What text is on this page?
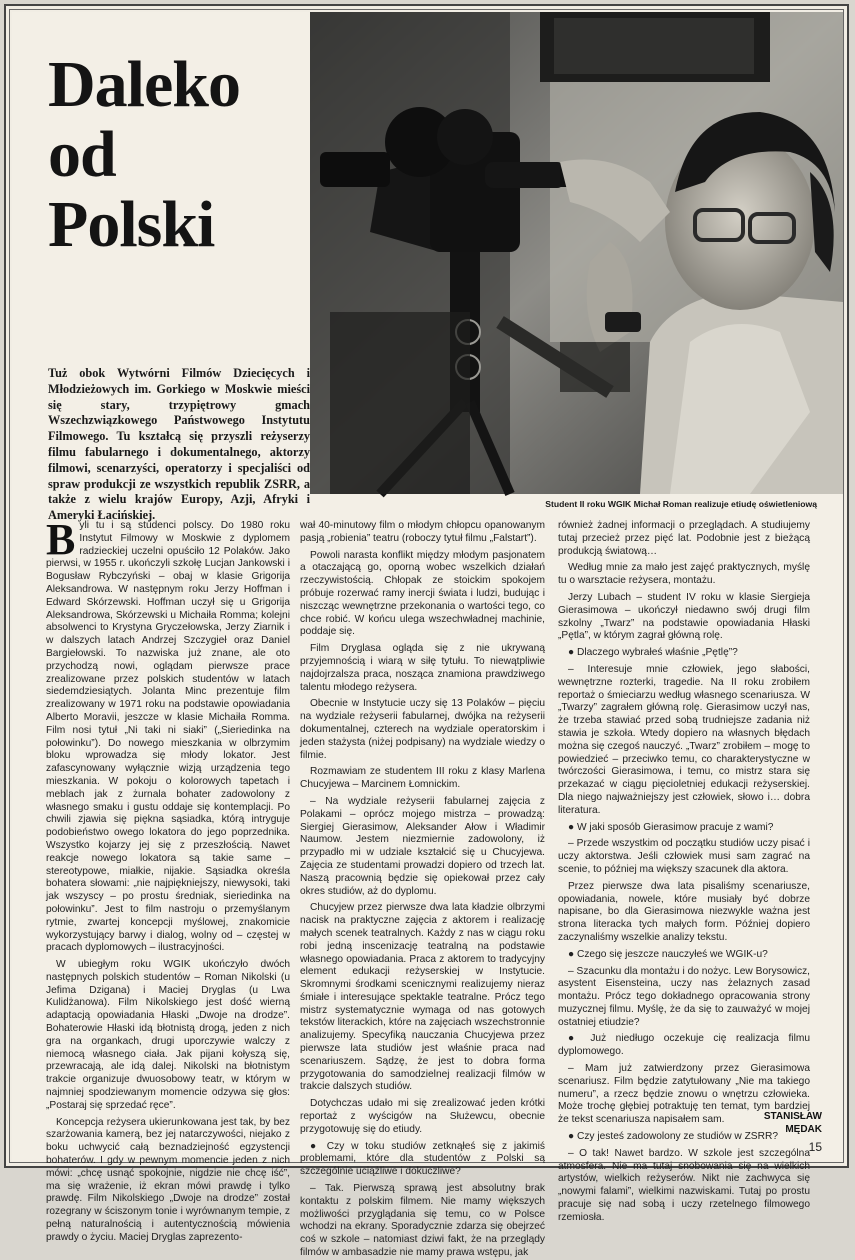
Daleko
od
Polski
Tuż obok Wytwórni Filmów Dziecięcych i Młodzieżowych im. Gorkiego w Moskwie mieści się stary, trzypiętrowy gmach Wszechzwiązkowego Państwowego Instytutu Filmowego. Tu kształcą się przyszli reżyserzy filmu fabularnego i dokumentalnego, aktorzy filmowi, scenarzyści, operatorzy i specjaliści od spraw produkcji ze wszystkich republik ZSRR, a także z wielu krajów Europy, Azji, Afryki i Ameryki Łacińskiej.
Student II roku WGIK Michał Roman realizuje etiudę oświetleniową

Byli tu i są studenci polscy. Do 1980 roku Instytut Filmowy w Moskwie z dyplomem radzieckiej uczelni opuściło 12 Polaków. Jako pierwsi, w 1955 r. ukończyli szkołę Lucjan Jankowski i Bogusław Rybczyński – obaj w klasie Grigorija Aleksandrowa. W następnym roku Jerzy Hoffman i Edward Skórzewski. Hoffman uczył się u Grigorija Aleksandrowa, Skórzewski u Michaiła Romma; kolejni absolwenci to Krystyna Gryczełowska, Jerzy Ziarnik i w dalszych latach Andrzej Szczygieł oraz Daniel Bargiełowski. To nazwiska już znane, ale oto przychodzą nowi, oglądam pierwsze prace zrealizowane przez polskich studentów w latach siedemdziesiątych. Jolanta Minc prezentuje film zrealizowany w 1971 roku na podstawie opowiadania Alberto Moravii, jeszcze w klasie Michaiła Romma. Film nosi tytuł „Ni taki ni siaki” („Sieriedinka na połowinku”). Do nowego mieszkania w olbrzymim bloku wprowadza się młody lokator. Jest zafascynowany wyłącznie wizją urządzenia tego mieszkania. W pokoju o kolorowych tapetach i meblach jak z żurnala bohater zadowolony z własnego smaku i gustu oddaje się kontemplacji. Po chwili zjawia się piękna sąsiadka, którą intryguje podobieństwo owego lokatora do jego poprzednika. Wszystko kojarzy jej się z przeszłością. Nawet reakcje nowego lokatora są takie same – stereotypowe, miałkie, nijakie. Sąsiadka określa bohatera słowami: „nie najpiękniejszy, niewysoki, taki jak wszyscy – po prostu średniak, sieriedinka na połowinku”. Jest to film nastroju o przemyślanym rytmie, zwartej koncepcji myślowej, znakomicie wykorzystujący barwy i dialog, wolny od – częstej w pracach dyplomowych – ilustracyjności.

W ubiegłym roku WGIK ukończyło dwóch następnych polskich studentów – Roman Nikolski (u Jefima Dzigana) i Maciej Dryglas (u Lwa Kulidżanowa). Film Nikolskiego jest dość wierną adaptacją opowiadania Hłaski „Dwoje na drodze”. Bohaterowie Hłaski idą błotnistą drogą, jeden z nich gra na organkach, drugi uporczywie walczy z niemocą własnego ciała. Jak pijani kołyszą się, przewracają, ale idą dalej. Nikolski na błotnistym trakcie organizuje dwuosobowy teatr, w którym w najmniej spodziewanym momencie odzywa się głos: „Postaraj się sprzedać ręce”.

Koncepcja reżysera ukierunkowana jest tak, by bez szarżowania kamerą, bez jej natarczywości, niejako z boku uchwycić całą beznadziejność egzystencji bohaterów. I gdy w pewnym momencie jeden z nich mówi: „chcę usnąć spokojnie, nigdzie nie chcę iść”, ma się wrażenie, iż ekran mówi prawdę i tylko prawdę. Film Nikolskiego „Dwoje na drodze” został rozegrany w ściszonym tonie i wyrównanym tempie, z pełną naturalnością i autentycznością mówienia prawdy o życiu. Maciej Dryglas zaprezento-

wał 40-minutowy film o młodym chłopcu opanowanym pasją „robienia” teatru (roboczy tytuł filmu „Falstart”).

Powoli narasta konflikt między młodym pasjonatem a otaczającą go, oporną wobec wszelkich działań rzeczywistością. Chłopak ze stoickim spokojem próbuje rozerwać ramy inercji świata i ludzi, budując i niszcząc wewnętrzne przekonania o wartości tego, co chce robić. W końcu ulega wszechwładnej machinie, poddaje się.

Film Dryglasa ogląda się z nie ukrywaną przyjemnością i wiarą w siłę tytułu. To niewątpliwie najdojrzalsza praca, nosząca znamiona prawdziwego talentu młodego reżysera.

Obecnie w Instytucie uczy się 13 Polaków – pięciu na wydziale reżyserii fabularnej, dwójka na reżyserii dokumentalnej, czterech na wydziale operatorskim i jeden stażysta (niżej podpisany) na wydziale wiedzy o filmie.

Rozmawiam ze studentem III roku z klasy Marlena Chucyjewa – Marcinem Łomnickim.

– Na wydziale reżyserii fabularnej zajęcia z Polakami – oprócz mojego mistrza – prowadzą: Siergiej Gierasimow, Aleksander Ałow i Władimir Naumow. Jestem niezmiernie zadowolony, iż przypadło mi w udziale kształcić się u Chucyjewa. Zajęcia ze studentami prowadzi dopiero od trzech lat. Naszą pracownią będzie się opiekował przez cały okres studiów, aż do dyplomu.

Chucyjew przez pierwsze dwa lata kładzie olbrzymi nacisk na praktyczne zajęcia z aktorem i realizację małych scenek teatralnych. Każdy z nas w ciągu roku robi jedną inscenizację teatralną na podstawie własnego opowiadania. Praca z aktorem to tradycyjny element edukacji reżyserskiej w Instytucie. Skromnymi środkami scenicznymi realizujemy nieraz śmiałe i interesujące spektakle teatralne. Prócz tego mistrz systematycznie wymaga od nas gotowych tekstów literackich, które na zajęciach wszechstronnie analizujemy. Specyfiką nauczania Chucyjewa przez pierwsze lata studiów jest właśnie praca nad scenariuszem. Sądzę, że jest to dobra forma przygotowania do samodzielnej realizacji filmów w trakcie dalszych studiów.

Dotychczas udało mi się zrealizować jeden krótki reportaż z wyścigów na Służewcu, obecnie przygotowuję się do etiudy.

● Czy w toku studiów zetknąłeś się z jakimiś problemami, które dla studentów z Polski są szczególnie uciążliwe i dokuczliwe?

– Tak. Pierwszą sprawą jest absolutny brak kontaktu z polskim filmem. Nie mamy większych możliwości przyglądania się temu, co w Polsce wchodzi na ekrany. Sporadycznie zdarza się obejrzeć coś w szkole – natomiast dziwi fakt, że na przeglądy filmów w ambasadzie nie mamy prawa wstępu, jak

również żadnej informacji o przeglądach. A studiujemy tutaj przecież przez pięć lat. Podobnie jest z bieżącą produkcją światową…

Według mnie za mało jest zajęć praktycznych, myślę tu o warsztacie reżysera, montażu.

Jerzy Lubach – student IV roku w klasie Siergieja Gierasimowa – ukończył niedawno swój drugi film szkolny „Twarz” na podstawie opowiadania Hłaski „Pętla”, w którym zagrał główną rolę.

● Dlaczego wybrałeś właśnie „Pętlę”?

– Interesuje mnie człowiek, jego słabości, wewnętrzne rozterki, tragedie. Na II roku zrobiłem reportaż o śmieciarzu według własnego scenariusza. W „Twarzy” zagrałem główną rolę. Gierasimow uczył nas, że trzeba stawiać przed sobą trudniejsze zadania niż stawia je szkoła. Wtedy dopiero na własnych błędach można się czegoś nauczyć. „Twarz” zrobiłem – mogę to powiedzieć – przeciwko temu, co charakterystyczne w twórczości Gierasimowa, i temu, co mistrz stara się przekazać w ciągu pięcioletniej edukacji reżyserskiej. Dla niego najważniejszy jest człowiek, słowo i… dobra literatura.

● W jaki sposób Gierasimow pracuje z wami?

– Przede wszystkim od początku studiów uczy pisać i uczy aktorstwa. Jeśli człowiek musi sam zagrać na scenie, to później ma większy szacunek dla aktora.

Przez pierwsze dwa lata pisaliśmy scenariusze, opowiadania, nowele, które musiały być dobrze napisane, bo dla Gierasimowa niezwykle ważna jest strona literacka tych małych form. Później dopiero zaczynaliśmy wszelkie analizy tekstu.

● Czego się jeszcze nauczyłeś we WGIK-u?

– Szacunku dla montażu i do nożyc. Lew Borysowicz, asystent Eisensteina, uczy nas żelaznych zasad montażu. Prócz tego dokładnego opracowania strony muzycznej filmu. Myślę, że da się to zauważyć w mojej ostatniej etiudzie?

● Już niedługo oczekuje cię realizacja filmu dyplomowego.

– Mam już zatwierdzony przez Gierasimowa scenariusz. Film będzie zatytułowany „Nie ma takiego numeru”, a rzecz będzie znowu o wnętrzu człowieka. Może trochę głębiej potraktuję ten temat, tym bardziej że tekst scenariusza napisałem sam.

● Czy jesteś zadowolony ze studiów w ZSRR?

– O tak! Nawet bardzo. W szkole jest szczególna atmosfera. Nie ma tutaj snobowania się na wielkich artystów, wielkich reżyserów. Nikt nie zachwyca się „nowymi falami”, wielkimi nazwiskami. Tutaj po prostu pracuje się nad sobą i uczy rzetelnego filmowego rzemiosła.

STANISŁAW
MĘDAK
15
